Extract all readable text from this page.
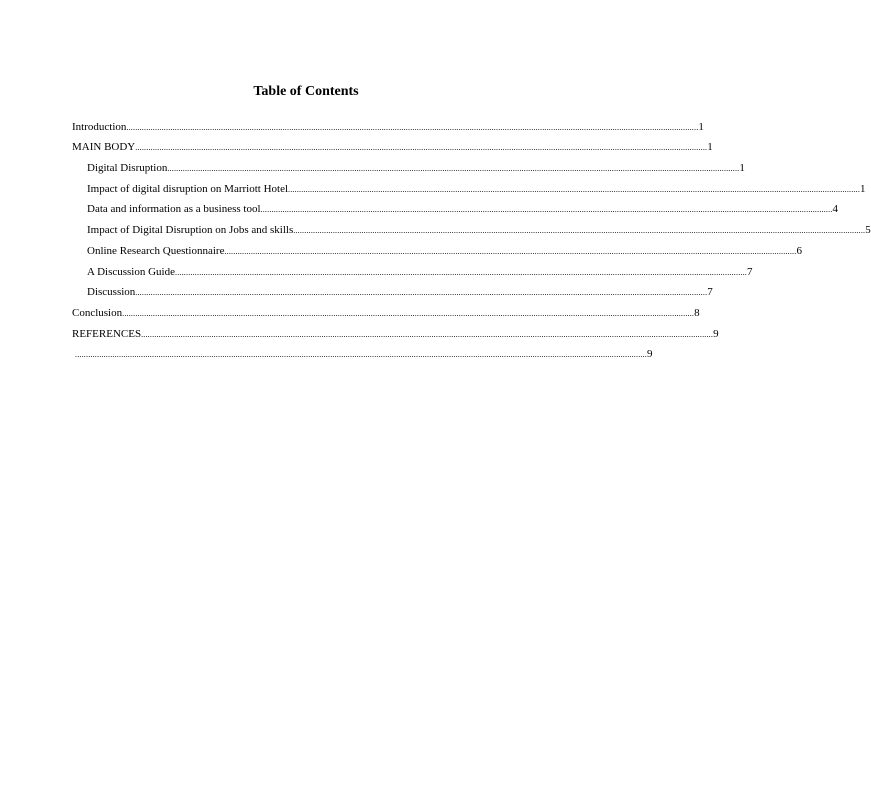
Table of Contents
Introduction .................................................................................................................................................................................................................................................................... 1
MAIN BODY .................................................................................................................................................................................................................................................................... 1
Digital Disruption .................................................................................................................................................................................................................................................................... 1
Impact of digital disruption on Marriott Hotel .................................................................................................................................................................................................................................................................... 1
Data and information as a business tool .................................................................................................................................................................................................................................................................... 4
Impact of Digital Disruption on Jobs and skills .................................................................................................................................................................................................................................................................... 5
Online Research Questionnaire .................................................................................................................................................................................................................................................................... 6
A Discussion Guide .................................................................................................................................................................................................................................................................... 7
Discussion .................................................................................................................................................................................................................................................................... 7
Conclusion .................................................................................................................................................................................................................................................................... 8
REFERENCES .................................................................................................................................................................................................................................................................... 9
.................................................................................................................................................................................................................................................................... 9
